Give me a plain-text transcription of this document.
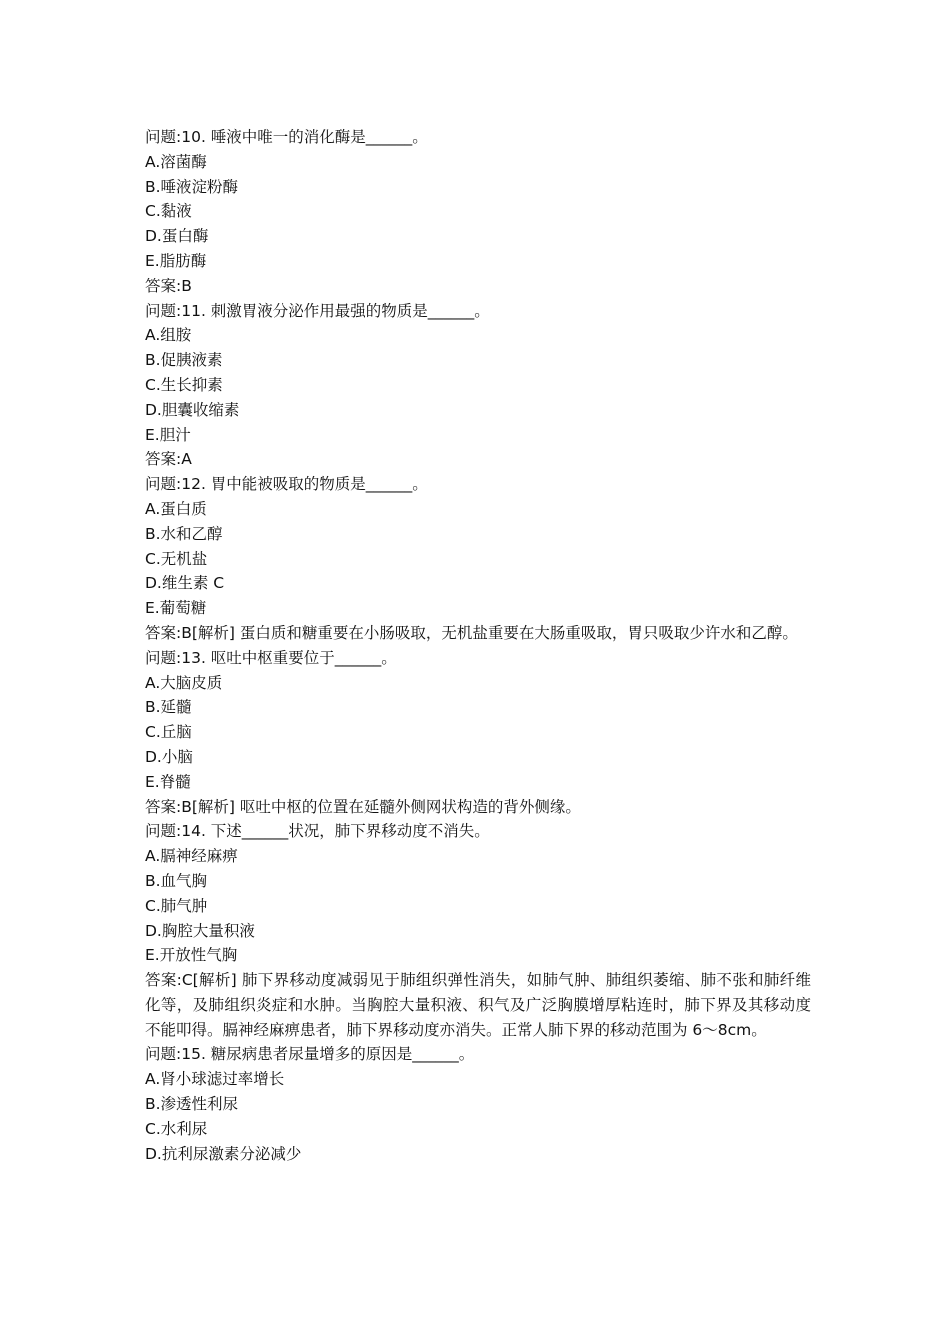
问题:10. 唾液中唯一的消化酶是______。
A.溶菌酶
B.唾液淀粉酶
C.黏液
D.蛋白酶
E.脂肪酶
答案:B
问题:11. 刺激胃液分泌作用最强的物质是______。
A.组胺
B.促胰液素
C.生长抑素
D.胆囊收缩素
E.胆汁
答案:A
问题:12. 胃中能被吸取的物质是______。
A.蛋白质
B.水和乙醇
C.无机盐
D.维生素 C
E.葡萄糖
答案:B[解析] 蛋白质和糖重要在小肠吸取，无机盐重要在大肠重吸取，胃只吸取少许水和乙醇。
问题:13. 呕吐中枢重要位于______。
A.大脑皮质
B.延髓
C.丘脑
D.小脑
E.脊髓
答案:B[解析] 呕吐中枢的位置在延髓外侧网状构造的背外侧缘。
问题:14. 下述______状况，肺下界移动度不消失。
A.膈神经麻痹
B.血气胸
C.肺气肿
D.胸腔大量积液
E.开放性气胸
答案:C[解析] 肺下界移动度减弱见于肺组织弹性消失，如肺气肿、肺组织萎缩、肺不张和肺纤维化等，及肺组织炎症和水肿。当胸腔大量积液、积气及广泛胸膜增厚粘连时，肺下界及其移动度不能叩得。膈神经麻痹患者，肺下界移动度亦消失。正常人肺下界的移动范围为 6～8cm。
问题:15. 糖尿病患者尿量增多的原因是______。
A.肾小球滤过率增长
B.渗透性利尿
C.水利尿
D.抗利尿激素分泌减少
